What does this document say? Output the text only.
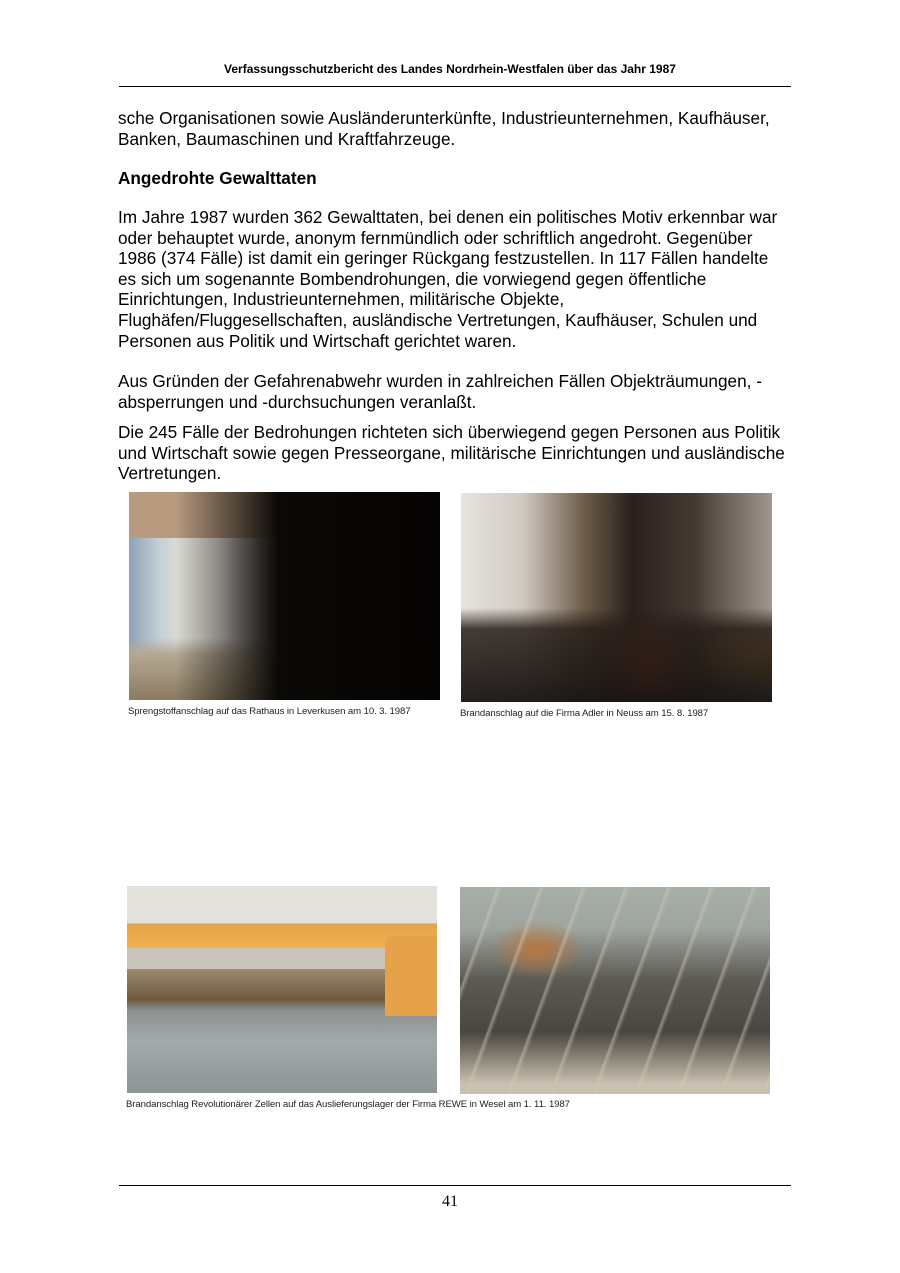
Verfassungsschutzbericht des Landes Nordrhein-Westfalen über das Jahr 1987

sche Organisationen sowie Ausländerunterkünfte, Industrieunternehmen, Kaufhäuser, Banken, Baumaschinen und Kraftfahrzeuge.

Angedrohte Gewalttaten

Im Jahre 1987 wurden 362 Gewalttaten, bei denen ein politisches Motiv erkennbar war oder behauptet wurde, anonym fernmündlich oder schriftlich angedroht. Gegenüber 1986 (374 Fälle) ist damit ein geringer Rückgang festzustellen. In 117 Fällen handelte es sich um sogenannte Bombendrohungen, die vorwiegend gegen öffentliche Einrichtungen, Industrieunternehmen, militärische Objekte, Flughäfen/Fluggesellschaften, ausländische Vertretungen, Kaufhäuser, Schulen und Personen aus Politik und Wirtschaft gerichtet waren.

Aus Gründen der Gefahrenabwehr wurden in zahlreichen Fällen Objekträumungen, -absperrungen und -durchsuchungen veranlaßt.

Die 245 Fälle der Bedrohungen richteten sich überwiegend gegen Personen aus Politik und Wirtschaft sowie gegen Presseorgane, militärische Einrichtungen und ausländische Vertretungen.

Sprengstoffanschlag auf das Rathaus in Leverkusen am 10. 3. 1987	Brandanschlag auf die Firma Adler in Neuss am 15. 8. 1987
Brandanschlag Revolutionärer Zellen auf das Auslieferungslager der Firma REWE in Wesel am 1. 11. 1987
41
